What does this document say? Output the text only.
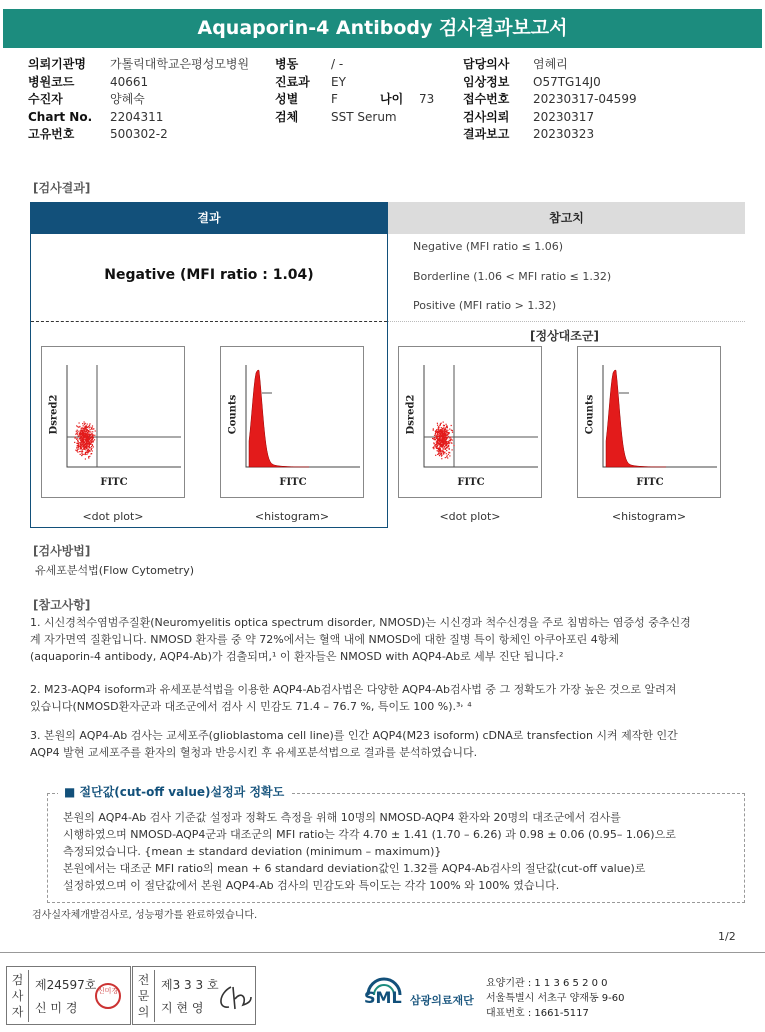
Aquaporin-4 Antibody 검사결과보고서
의뢰기관명 가톨릭대학교은평성모병원
병원코드	40661
수진자	양혜숙
Chart No. 2204311
고유번호	500302-2
병동	/ -
진료과 EY
성별	F
검체	SST Serum
나이 73
담당의사 염혜리
임상정보 O57TG14J0
접수번호 20230317-04599
검사의뢰 20230317
결과보고 20230323
[검사결과]
결과	참고치
Negative (MFI ratio : 1.04)
Negative (MFI ratio ≤ 1.06)
Borderline (1.06 < MFI ratio ≤ 1.32)
Positive (MFI ratio > 1.32)
[정상대조군]
FITC
Dsred2
<dot plot>
FITC
Counts
<histogram>
FITC
Dsred2
<dot plot>
FITC
Counts
<histogram>
[검사방법]
유세포분석법(Flow Cytometry)
[참고사항]
1. 시신경척수염범주질환(Neuromyelitis optica spectrum disorder, NMOSD)는 시신경과 척수신경을 주로 침범하는 염증성 중추신경
계 자가면역 질환입니다. NMOSD 환자를 중 약 72%에서는 혈액 내에 NMOSD에 대한 질병 특이 항체인 아쿠아포린 4항체
(aquaporin-4 antibody, AQP4-Ab)가 검출되며,¹ 이 환자들은 NMOSD with AQP4-Ab로 세부 진단 됩니다.²
2. M23-AQP4 isoform과 유세포분석법을 이용한 AQP4-Ab검사법은 다양한 AQP4-Ab검사법 중 그 정확도가 가장 높은 것으로 알려져
있습니다(NMOSD환자군과 대조군에서 검사 시 민감도 71.4 – 76.7 %, 특이도 100 %).³˒ ⁴
3. 본원의 AQP4-Ab 검사는 교세포주(glioblastoma cell line)를 인간 AQP4(M23 isoform) cDNA로 transfection 시켜 제작한 인간
AQP4 발현 교세포주를 환자의 혈청과 반응시킨 후 유세포분석법으로 결과를 분석하였습니다.
■ 절단값(cut-off value)설정과 정확도
본원의 AQP4-Ab 검사 기준값 설정과 정확도 측정을 위해 10명의 NMOSD-AQP4 환자와 20명의 대조군에서 검사를
시행하였으며 NMOSD-AQP4군과 대조군의 MFI ratio는 각각 4.70 ± 1.41 (1.70 – 6.26) 과 0.98 ± 0.06 (0.95– 1.06)으로
측정되었습니다. {mean ± standard deviation (minimum – maximum)}
본원에서는 대조군 MFI ratio의 mean + 6 standard deviation값인 1.32를 AQP4-Ab검사의 절단값(cut-off value)로
설정하였으며 이 절단값에서 본원 AQP4-Ab 검사의 민감도와 특이도는 각각 100% 와 100% 였습니다.
검사실자체개발검사로, 성능평가를 완료하였습니다.
1/2
검
사
자
제24597호
신 미 경
신미경
전
문
의
제3 3 3 호
지 현 영
SML 삼광의료재단
요양기관 : 1 1 3 6 5 2 0 0
서울특별시 서초구 양재동 9-60
대표번호 : 1661-5117
